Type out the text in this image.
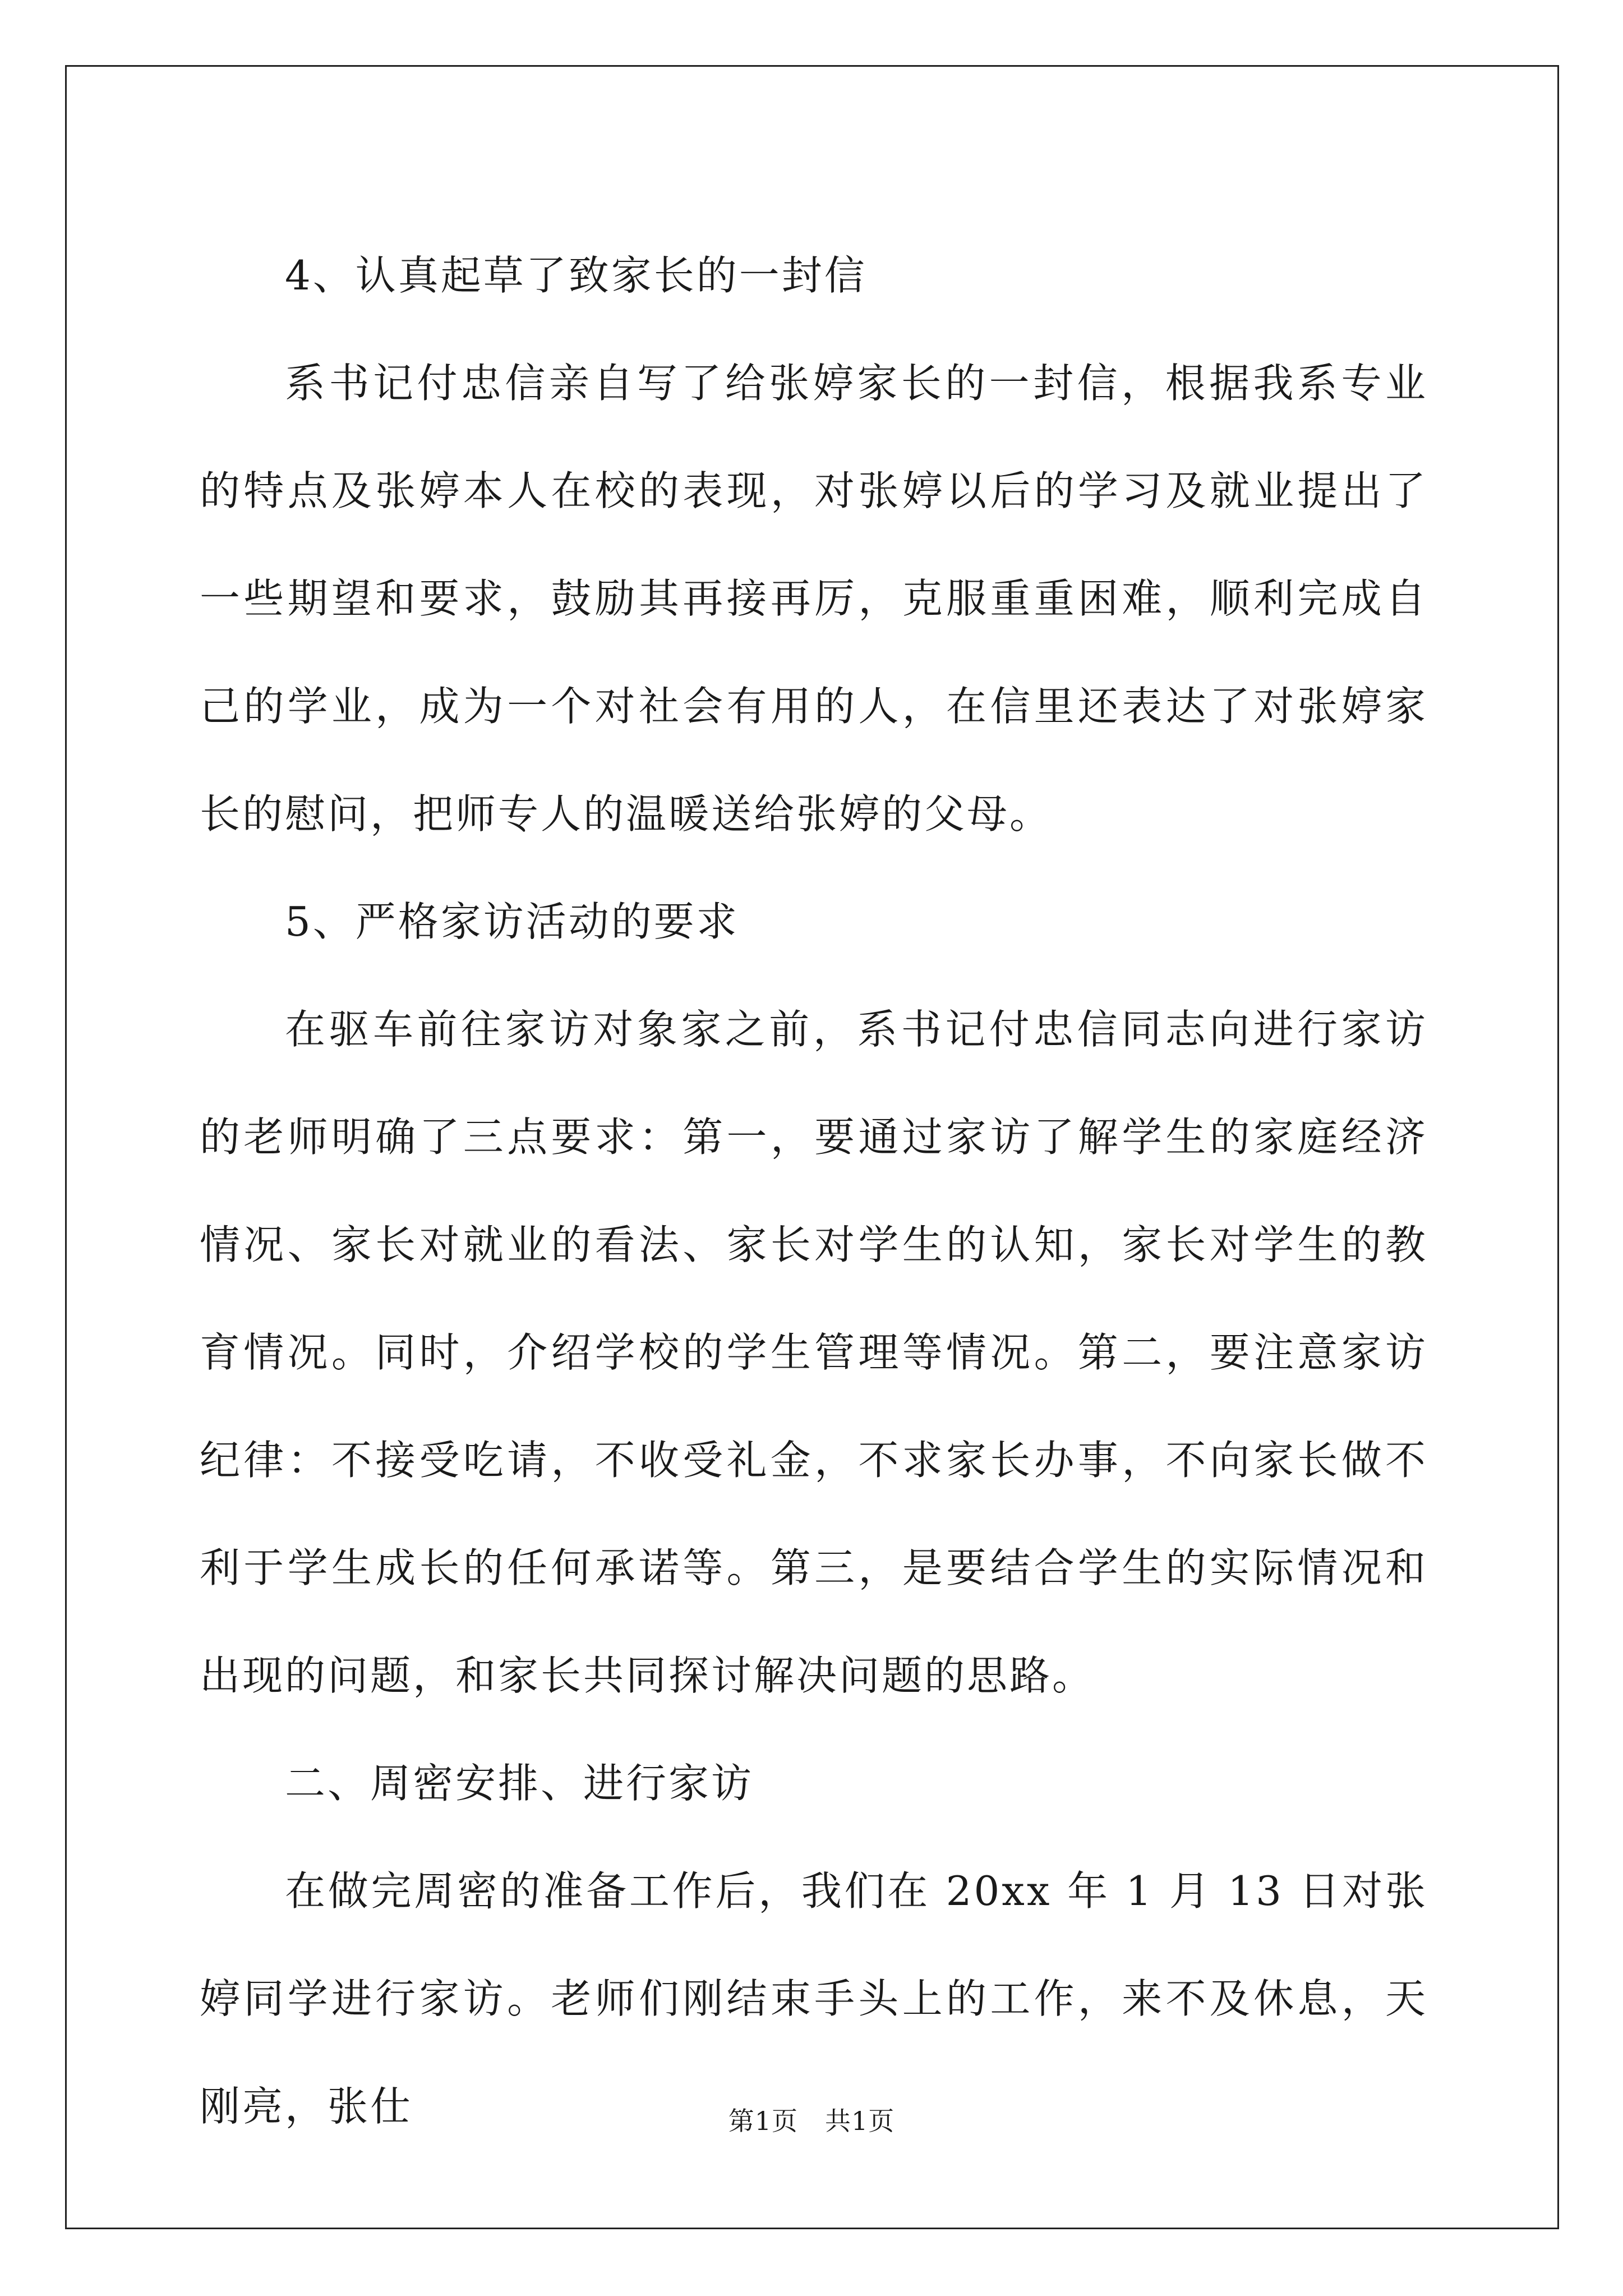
4、认真起草了致家长的一封信

系书记付忠信亲自写了给张婷家长的一封信，根据我系专业的特点及张婷本人在校的表现，对张婷以后的学习及就业提出了一些期望和要求，鼓励其再接再厉，克服重重困难，顺利完成自己的学业，成为一个对社会有用的人，在信里还表达了对张婷家长的慰问，把师专人的温暖送给张婷的父母。

5、严格家访活动的要求

在驱车前往家访对象家之前，系书记付忠信同志向进行家访的老师明确了三点要求：第一，要通过家访了解学生的家庭经济情况、家长对就业的看法、家长对学生的认知，家长对学生的教育情况。同时，介绍学校的学生管理等情况。第二，要注意家访纪律：不接受吃请，不收受礼金，不求家长办事，不向家长做不利于学生成长的任何承诺等。第三，是要结合学生的实际情况和出现的问题，和家长共同探讨解决问题的思路。

二、周密安排、进行家访

在做完周密的准备工作后，我们在 20xx 年 1 月 13 日对张婷同学进行家访。老师们刚结束手头上的工作，来不及休息，天刚亮，张仕	第1页 共1页
